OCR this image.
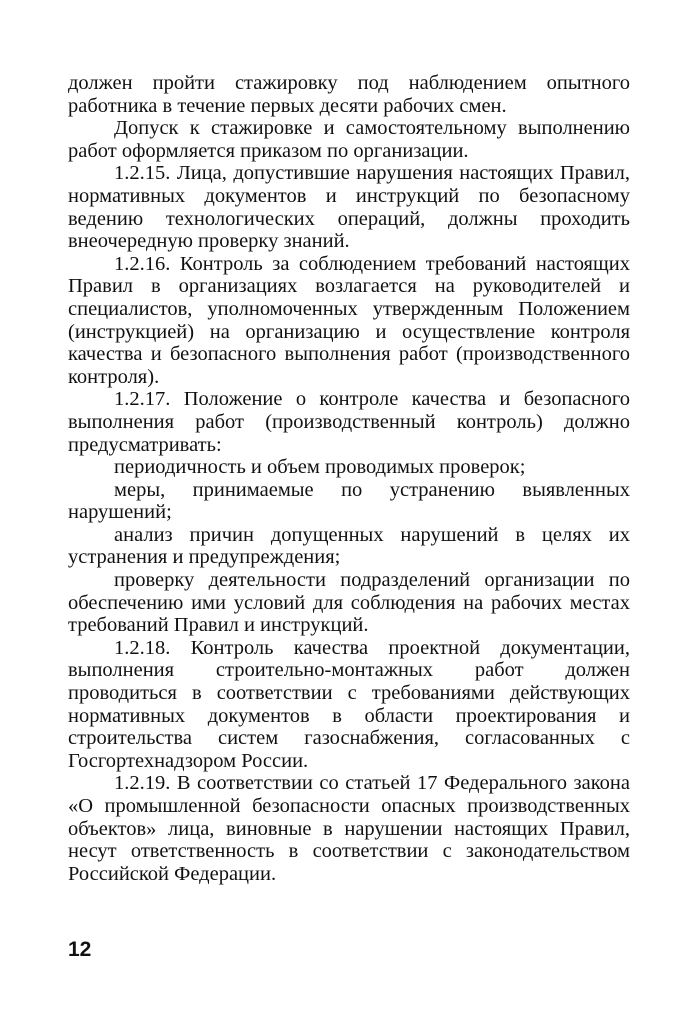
должен пройти стажировку под наблюдением опытного работника в течение первых десяти рабочих смен.

Допуск к стажировке и самостоятельному выполнению работ оформляется приказом по организации.

1.2.15. Лица, допустившие нарушения настоящих Правил, нормативных документов и инструкций по безопасному ведению технологических операций, должны проходить внеочередную проверку знаний.

1.2.16. Контроль за соблюдением требований настоящих Правил в организациях возлагается на руководителей и специалистов, уполномоченных утвержденным Положением (инструкцией) на организацию и осуществление контроля качества и безопасного выполнения работ (производственного контроля).

1.2.17. Положение о контроле качества и безопасного выполнения работ (производственный контроль) должно предусматривать:

периодичность и объем проводимых проверок;

меры, принимаемые по устранению выявленных нарушений;

анализ причин допущенных нарушений в целях их устранения и предупреждения;

проверку деятельности подразделений организации по обеспечению ими условий для соблюдения на рабочих местах требований Правил и инструкций.

1.2.18. Контроль качества проектной документации, выполнения строительно-монтажных работ должен проводиться в соответствии с требованиями действующих нормативных документов в области проектирования и строительства систем газоснабжения, согласованных с Госгортехнадзором России.

1.2.19. В соответствии со статьей 17 Федерального закона «О промышленной безопасности опасных производственных объектов» лица, виновные в нарушении настоящих Правил, несут ответственность в соответствии с законодательством Российской Федерации.

12
